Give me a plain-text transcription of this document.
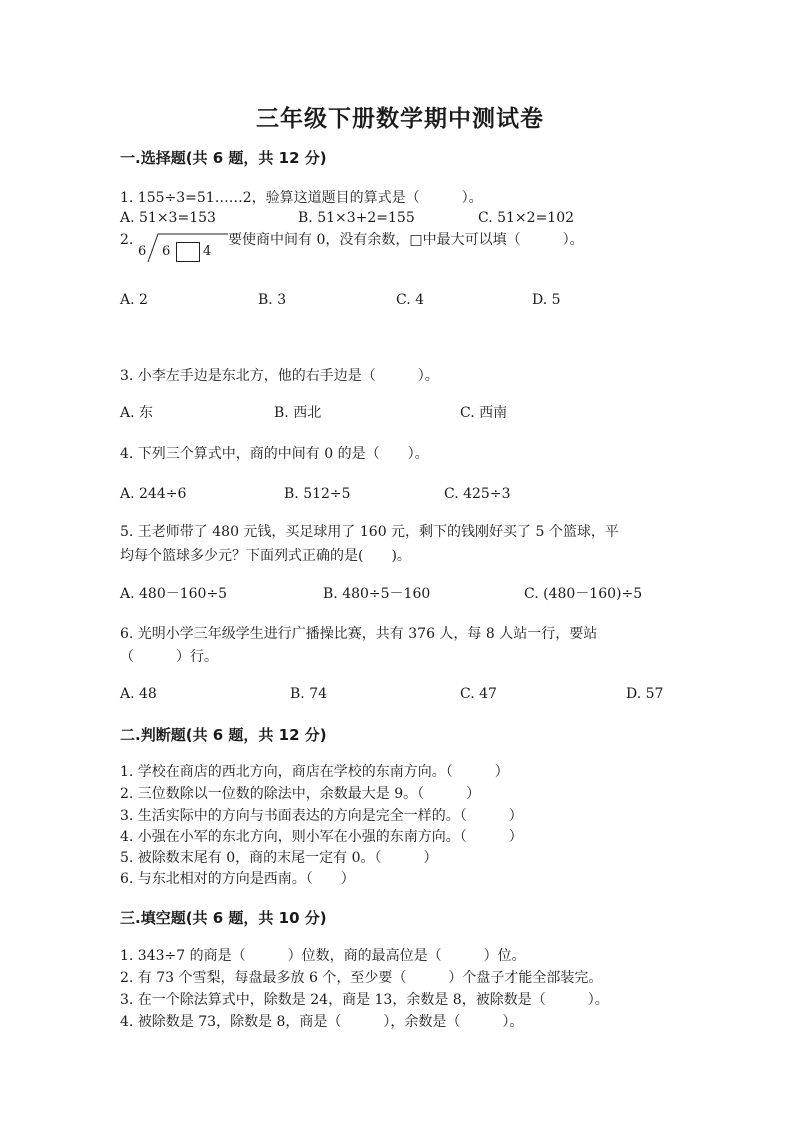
三年级下册数学期中测试卷
一.选择题(共 6 题，共 12 分)
1. 155÷3=51……2，验算这道题目的算式是（　　　）。
A. 51×3=153	B. 51×3+2=155	C. 51×2=102
2.
6 6	4
要使商中间有 0，没有余数，□中最大可以填（　　　）。
A. 2	B. 3	C. 4	D. 5
3. 小李左手边是东北方，他的右手边是（　　　）。
A. 东	B. 西北	C. 西南
4. 下列三个算式中，商的中间有 0 的是（　　）。
A. 244÷6	B. 512÷5	C. 425÷3
5. 王老师带了 480 元钱，买足球用了 160 元，剩下的钱刚好买了 5 个篮球，平
均每个篮球多少元？下面列式正确的是(　　)。
A. 480－160÷5	B. 480÷5－160	C. (480－160)÷5
6. 光明小学三年级学生进行广播操比赛，共有 376 人，每 8 人站一行，要站
（　　　）行。
A. 48	B. 74	C. 47	D. 57
二.判断题(共 6 题，共 12 分)
1. 学校在商店的西北方向，商店在学校的东南方向。（　　　）
2. 三位数除以一位数的除法中，余数最大是 9。（　　　）
3. 生活实际中的方向与书面表达的方向是完全一样的。（　　　）
4. 小强在小军的东北方向，则小军在小强的东南方向。（　　　）
5. 被除数末尾有 0，商的末尾一定有 0。（　　　）
6. 与东北相对的方向是西南。（　　）
三.填空题(共 6 题，共 10 分)
1. 343÷7 的商是（　　　）位数，商的最高位是（　　　）位。
2. 有 73 个雪梨，每盘最多放 6 个，至少要（　　　）个盘子才能全部装完。
3. 在一个除法算式中，除数是 24，商是 13，余数是 8，被除数是（　　　）。
4. 被除数是 73，除数是 8，商是（　　　），余数是（　　　）。
